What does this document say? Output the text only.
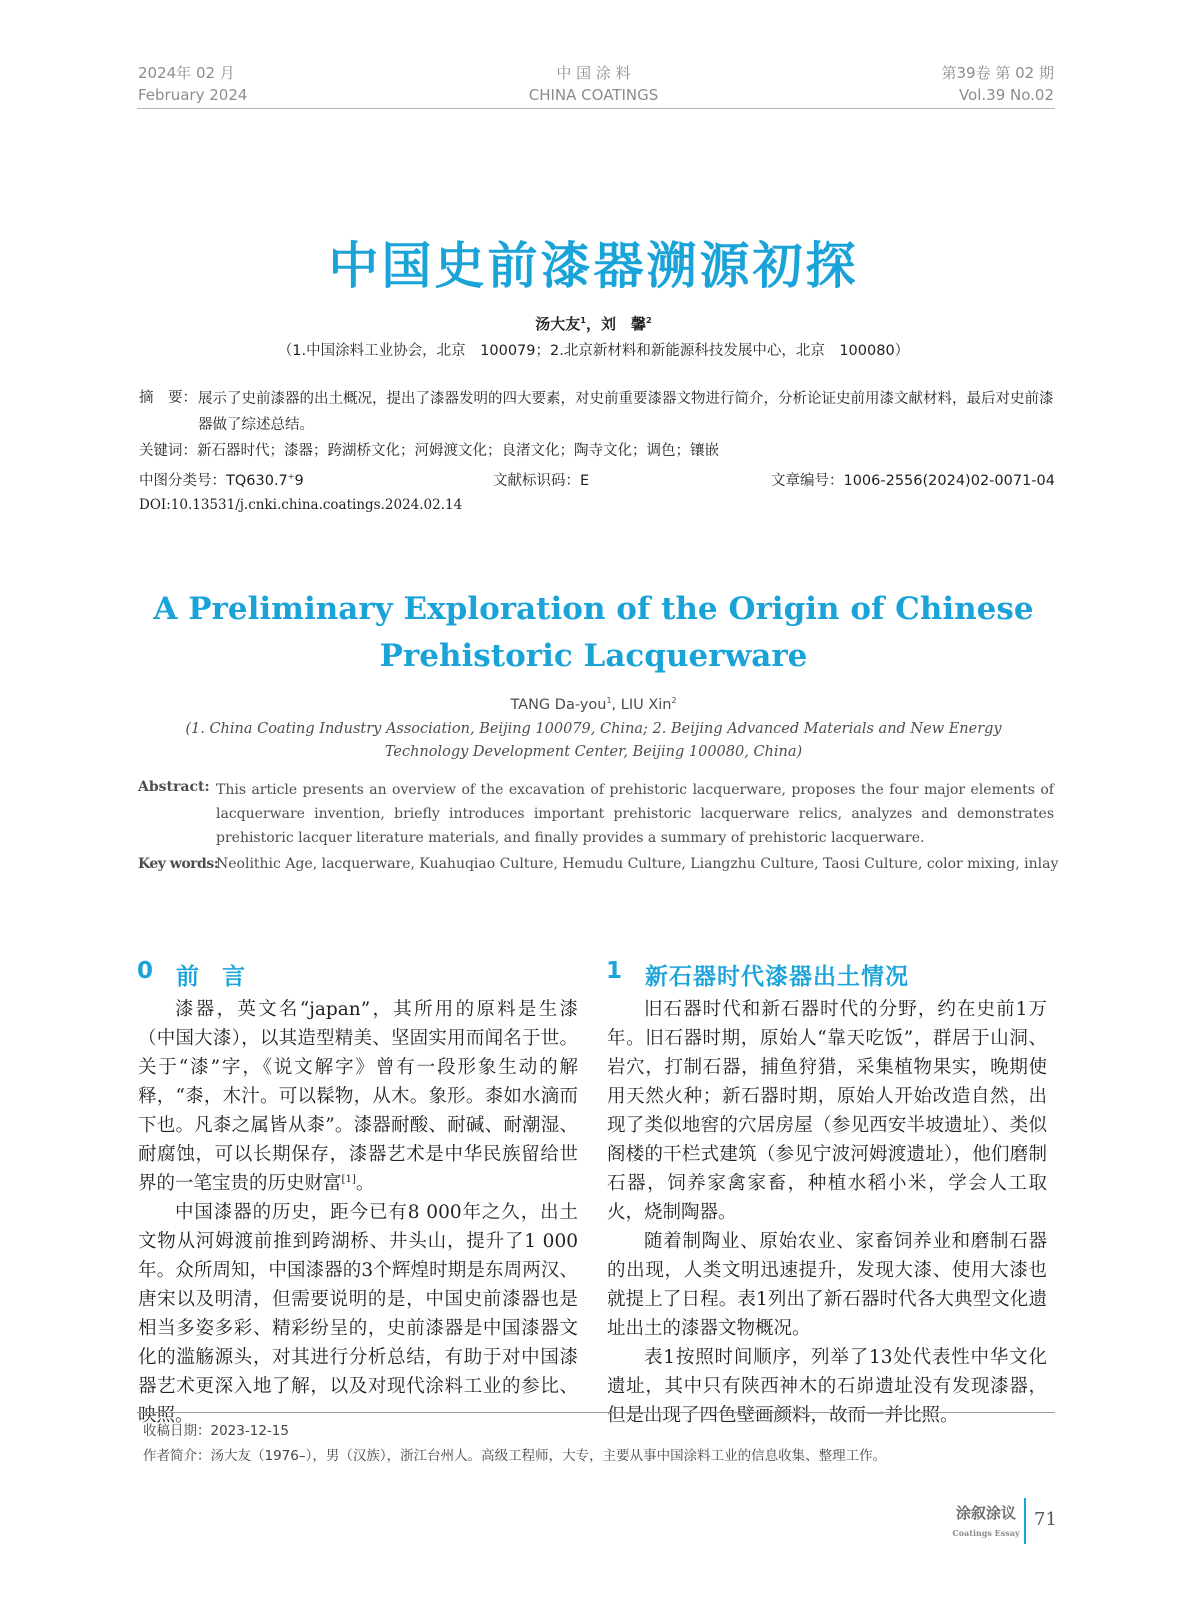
2024年 02 月
February 2024
中 国 涂 料
CHINA COATINGS
第39卷 第 02 期
Vol.39 No.02
中国史前漆器溯源初探
汤大友$^1$，刘　馨$^2$
（1.中国涂料工业协会，北京　100079；2.北京新材料和新能源科技发展中心，北京　100080）
摘　要： 展示了史前漆器的出土概况，提出了漆器发明的四大要素，对史前重要漆器文物进行简介，分析论证史前用漆文献材料，最后对史前漆器做了综述总结。
关键词：新石器时代；漆器；跨湖桥文化；河姆渡文化；良渚文化；陶寺文化；调色；镶嵌
中图分类号：TQ630.7+9	文献标识码：E	文章编号：1006-2556(2024)02-0071-04
DOI:10.13531/j.cnki.china.coatings.2024.02.14
A Preliminary Exploration of the Origin of Chinese
Prehistoric Lacquerware
TANG Da-you$^1$, LIU Xin$^2$
(1. China Coating Industry Association, Beijing 100079, China; 2. Beijing Advanced Materials and New Energy Technology Development Center, Beijing 100080, China)
Abstract: This article presents an overview of the excavation of prehistoric lacquerware, proposes the four major elements of lacquerware invention, briefly introduces important prehistoric lacquerware relics, analyzes and demonstrates prehistoric lacquer literature materials, and finally provides a summary of prehistoric lacquerware.
Key words:
Neolithic Age, lacquerware, Kuahuqiao Culture, Hemudu Culture, Liangzhu Culture, Taosi Culture, color mixing, inlay
0 前言	1 新石器时代漆器出土情况

漆器，英文名“japan”，其所用的原料是生漆（中国大漆），以其造型精美、坚固实用而闻名于世。关于“漆”字，《说文解字》曾有一段形象生动的解释，“桼，木汁。可以髹物，从木。象形。桼如水滴而下也。凡桼之属皆从桼”。漆器耐酸、耐碱、耐潮湿、耐腐蚀，可以长期保存，漆器艺术是中华民族留给世界的一笔宝贵的历史财富[1]。

中国漆器的历史，距今已有8 000年之久，出土文物从河姆渡前推到跨湖桥、井头山，提升了1 000年。众所周知，中国漆器的3个辉煌时期是东周两汉、唐宋以及明清，但需要说明的是，中国史前漆器也是相当多姿多彩、精彩纷呈的，史前漆器是中国漆器文化的滥觞源头，对其进行分析总结，有助于对中国漆器艺术更深入地了解，以及对现代涂料工业的参比、映照。

旧石器时代和新石器时代的分野，约在史前1万年。旧石器时期，原始人“靠天吃饭”，群居于山洞、岩穴，打制石器，捕鱼狩猎，采集植物果实，晚期使用天然火种；新石器时期，原始人开始改造自然，出现了类似地窖的穴居房屋（参见西安半坡遗址）、类似阁楼的干栏式建筑（参见宁波河姆渡遗址），他们磨制石器，饲养家禽家畜，种植水稻小米，学会人工取火，烧制陶器。

随着制陶业、原始农业、家畜饲养业和磨制石器的出现，人类文明迅速提升，发现大漆、使用大漆也就提上了日程。表1列出了新石器时代各大典型文化遗址出土的漆器文物概况。

表1按照时间顺序，列举了13处代表性中华文化遗址，其中只有陕西神木的石峁遗址没有发现漆器，但是出现了四色壁画颜料，故而一并比照。

收稿日期：2023-12-15
作者简介：汤大友（1976–），男（汉族），浙江台州人。高级工程师，大专，主要从事中国涂料工业的信息收集、整理工作。
涂叙涂议
Coatings Essay
71
